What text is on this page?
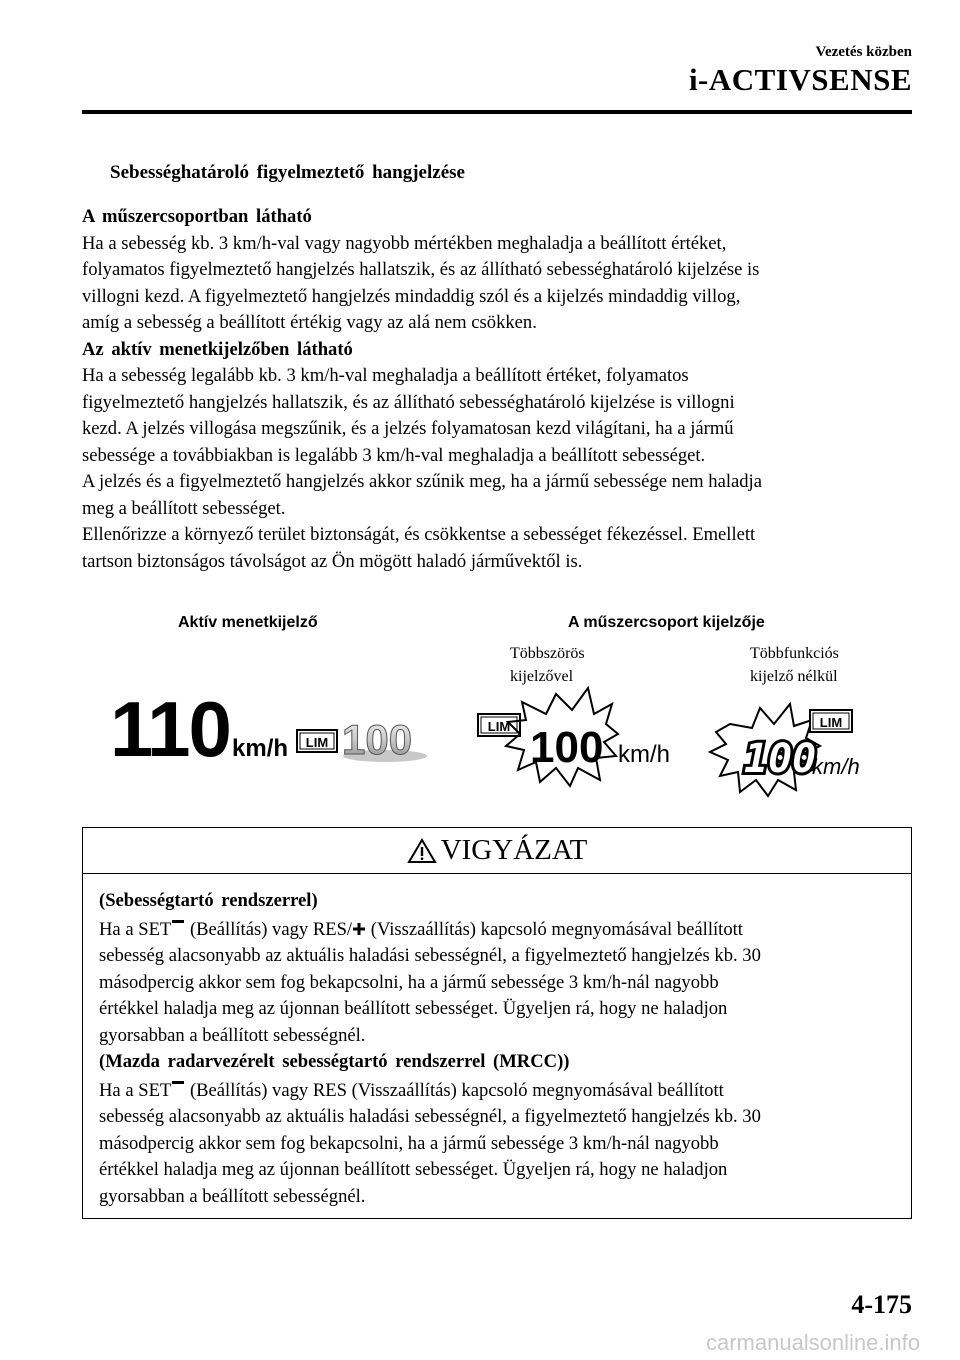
Vezetés közben
i-ACTIVSENSE
Sebességhatároló figyelmeztető hangjelzése

A műszercsoportban látható

Ha a sebesség kb. 3 km/h-val vagy nagyobb mértékben meghaladja a beállított értéket,

folyamatos figyelmeztető hangjelzés hallatszik, és az állítható sebességhatároló kijelzése is

villogni kezd. A figyelmeztető hangjelzés mindaddig szól és a kijelzés mindaddig villog,

amíg a sebesség a beállított értékig vagy az alá nem csökken.

Az aktív menetkijelzőben látható

Ha a sebesség legalább kb. 3 km/h-val meghaladja a beállított értéket, folyamatos

figyelmeztető hangjelzés hallatszik, és az állítható sebességhatároló kijelzése is villogni

kezd. A jelzés villogása megszűnik, és a jelzés folyamatosan kezd világítani, ha a jármű

sebessége a továbbiakban is legalább 3 km/h-val meghaladja a beállított sebességet.

A jelzés és a figyelmeztető hangjelzés akkor szűnik meg, ha a jármű sebessége nem haladja

meg a beállított sebességet.

Ellenőrizze a környező terület biztonságát, és csökkentse a sebességet fékezéssel. Emellett

tartson biztonságos távolságot az Ön mögött haladó járművektől is.

Aktív menetkijelző	A műszercsoport kijelzője
Többszörös
kijelzővel
Többfunkciós
kijelző nélkül
110 km/h LIM 100	LIM 100 km/h
LIM
100
km/h
VIGYÁZAT

(Sebességtartó rendszerrel)

Ha a SET (Beállítás) vagy RES/ (Visszaállítás) kapcsoló megnyomásával beállított

sebesség alacsonyabb az aktuális haladási sebességnél, a figyelmeztető hangjelzés kb. 30

másodpercig akkor sem fog bekapcsolni, ha a jármű sebessége 3 km/h-nál nagyobb

értékkel haladja meg az újonnan beállított sebességet. Ügyeljen rá, hogy ne haladjon

gyorsabban a beállított sebességnél.

(Mazda radarvezérelt sebességtartó rendszerrel (MRCC))

Ha a SET (Beállítás) vagy RES (Visszaállítás) kapcsoló megnyomásával beállított

sebesség alacsonyabb az aktuális haladási sebességnél, a figyelmeztető hangjelzés kb. 30

másodpercig akkor sem fog bekapcsolni, ha a jármű sebessége 3 km/h-nál nagyobb

értékkel haladja meg az újonnan beállított sebességet. Ügyeljen rá, hogy ne haladjon

gyorsabban a beállított sebességnél.

4-175
carmanualsonline.info
